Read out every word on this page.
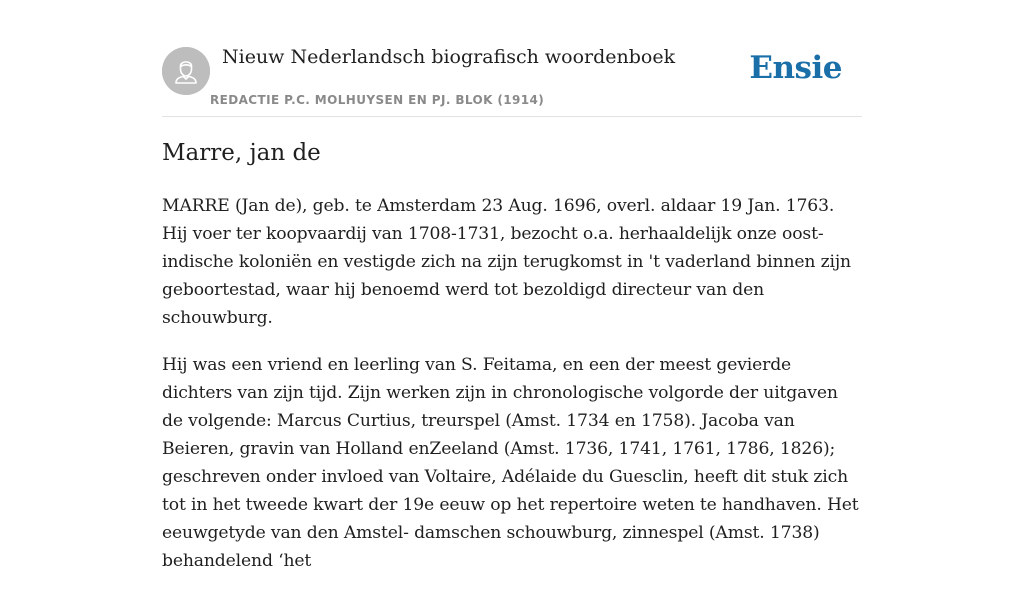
Nieuw Nederlandsch biografisch woordenboek
REDACTIE P.C. MOLHUYSEN EN PJ. BLOK (1914)
Ensie
Marre, jan de

MARRE (Jan de), geb. te Amsterdam 23 Aug. 1696, overl. aldaar 19 Jan. 1763. Hij voer ter koopvaardij van 1708-1731, bezocht o.a. herhaaldelijk onze oost-indische koloniën en vestigde zich na zijn terugkomst in 't vaderland binnen zijn geboortestad, waar hij benoemd werd tot bezoldigd directeur van den schouwburg.

Hij was een vriend en leerling van S. Feitama, en een der meest gevierde dichters van zijn tijd. Zijn werken zijn in chronologische volgorde der uitgaven de volgende: Marcus Curtius, treurspel (Amst. 1734 en 1758). Jacoba van Beieren, gravin van Holland enZeeland (Amst. 1736, 1741, 1761, 1786, 1826); geschreven onder invloed van Voltaire, Adélaide du Guesclin, heeft dit stuk zich tot in het tweede kwart der 19e eeuw op het repertoire weten te handhaven. Het eeuwgetyde van den Amstel- damschen schouwburg, zinnespel (Amst. 1738) behandelend ‘het
